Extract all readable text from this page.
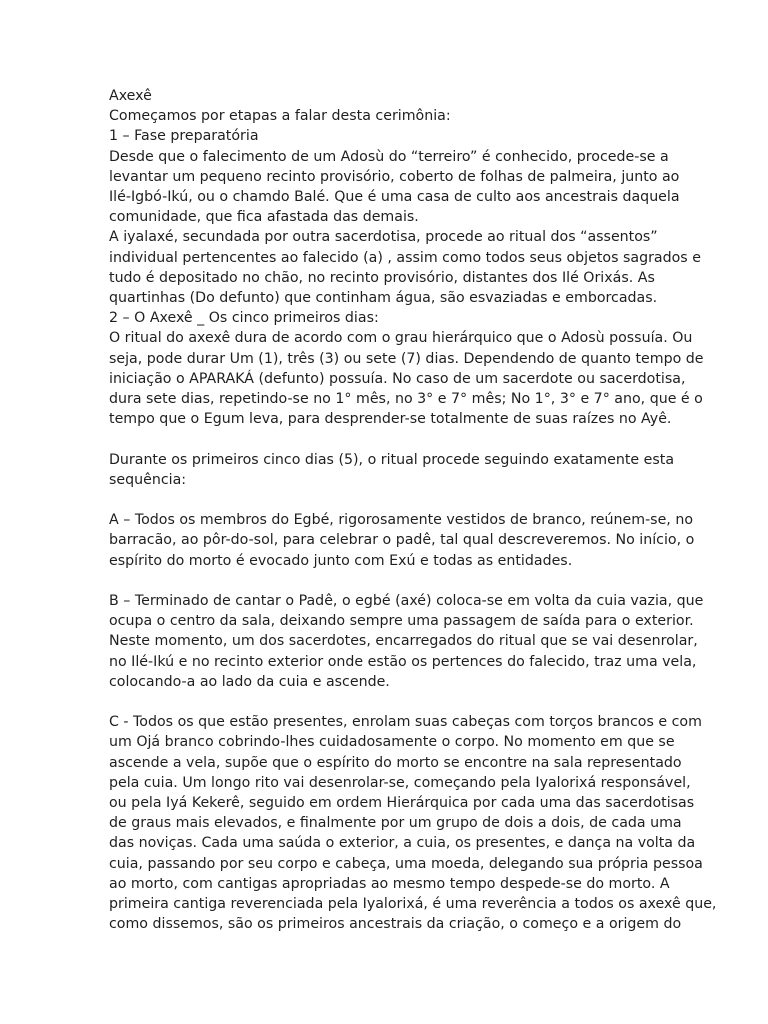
Axexê
Começamos por etapas a falar desta cerimônia:
1 – Fase preparatória
Desde que o falecimento de um Adosù do “terreiro” é conhecido, procede-se a
levantar um pequeno recinto provisório, coberto de folhas de palmeira, junto ao
Ilé-Igbó-Ikú, ou o chamdo Balé. Que é uma casa de culto aos ancestrais daquela
comunidade, que fica afastada das demais.
A iyalaxé, secundada por outra sacerdotisa, procede ao ritual dos “assentos”
individual pertencentes ao falecido (a) , assim como todos seus objetos sagrados e
tudo é depositado no chão, no recinto provisório, distantes dos Ilé Orixás. As
quartinhas (Do defunto) que continham água, são esvaziadas e emborcadas.
2 – O Axexê _ Os cinco primeiros dias:
O ritual do axexê dura de acordo com o grau hierárquico que o Adosù possuía. Ou
seja, pode durar Um (1), três (3) ou sete (7) dias. Dependendo de quanto tempo de
iniciação o APARAKÁ (defunto) possuía. No caso de um sacerdote ou sacerdotisa,
dura sete dias, repetindo-se no 1° mês, no 3° e 7° mês; No 1°, 3° e 7° ano, que é o
tempo que o Egum leva, para desprender-se totalmente de suas raízes no Ayê.
Durante os primeiros cinco dias (5), o ritual procede seguindo exatamente esta
sequência:
A – Todos os membros do Egbé, rigorosamente vestidos de branco, reúnem-se, no
barracão, ao pôr-do-sol, para celebrar o padê, tal qual descreveremos. No início, o
espírito do morto é evocado junto com Exú e todas as entidades.
B – Terminado de cantar o Padê, o egbé (axé) coloca-se em volta da cuia vazia, que
ocupa o centro da sala, deixando sempre uma passagem de saída para o exterior.
Neste momento, um dos sacerdotes, encarregados do ritual que se vai desenrolar,
no Ilé-Ikú e no recinto exterior onde estão os pertences do falecido, traz uma vela,
colocando-a ao lado da cuia e ascende.
C - Todos os que estão presentes, enrolam suas cabeças com torços brancos e com
um Ojá branco cobrindo-lhes cuidadosamente o corpo. No momento em que se
ascende a vela, supõe que o espírito do morto se encontre na sala representado
pela cuia. Um longo rito vai desenrolar-se, começando pela Iyalorixá responsável,
ou pela Iyá Kekerê, seguido em ordem Hierárquica por cada uma das sacerdotisas
de graus mais elevados, e finalmente por um grupo de dois a dois, de cada uma
das noviças. Cada uma saúda o exterior, a cuia, os presentes, e dança na volta da
cuia, passando por seu corpo e cabeça, uma moeda, delegando sua própria pessoa
ao morto, com cantigas apropriadas ao mesmo tempo despede-se do morto. A
primeira cantiga reverenciada pela Iyalorixá, é uma reverência a todos os axexê que,
como dissemos, são os primeiros ancestrais da criação, o começo e a origem do
